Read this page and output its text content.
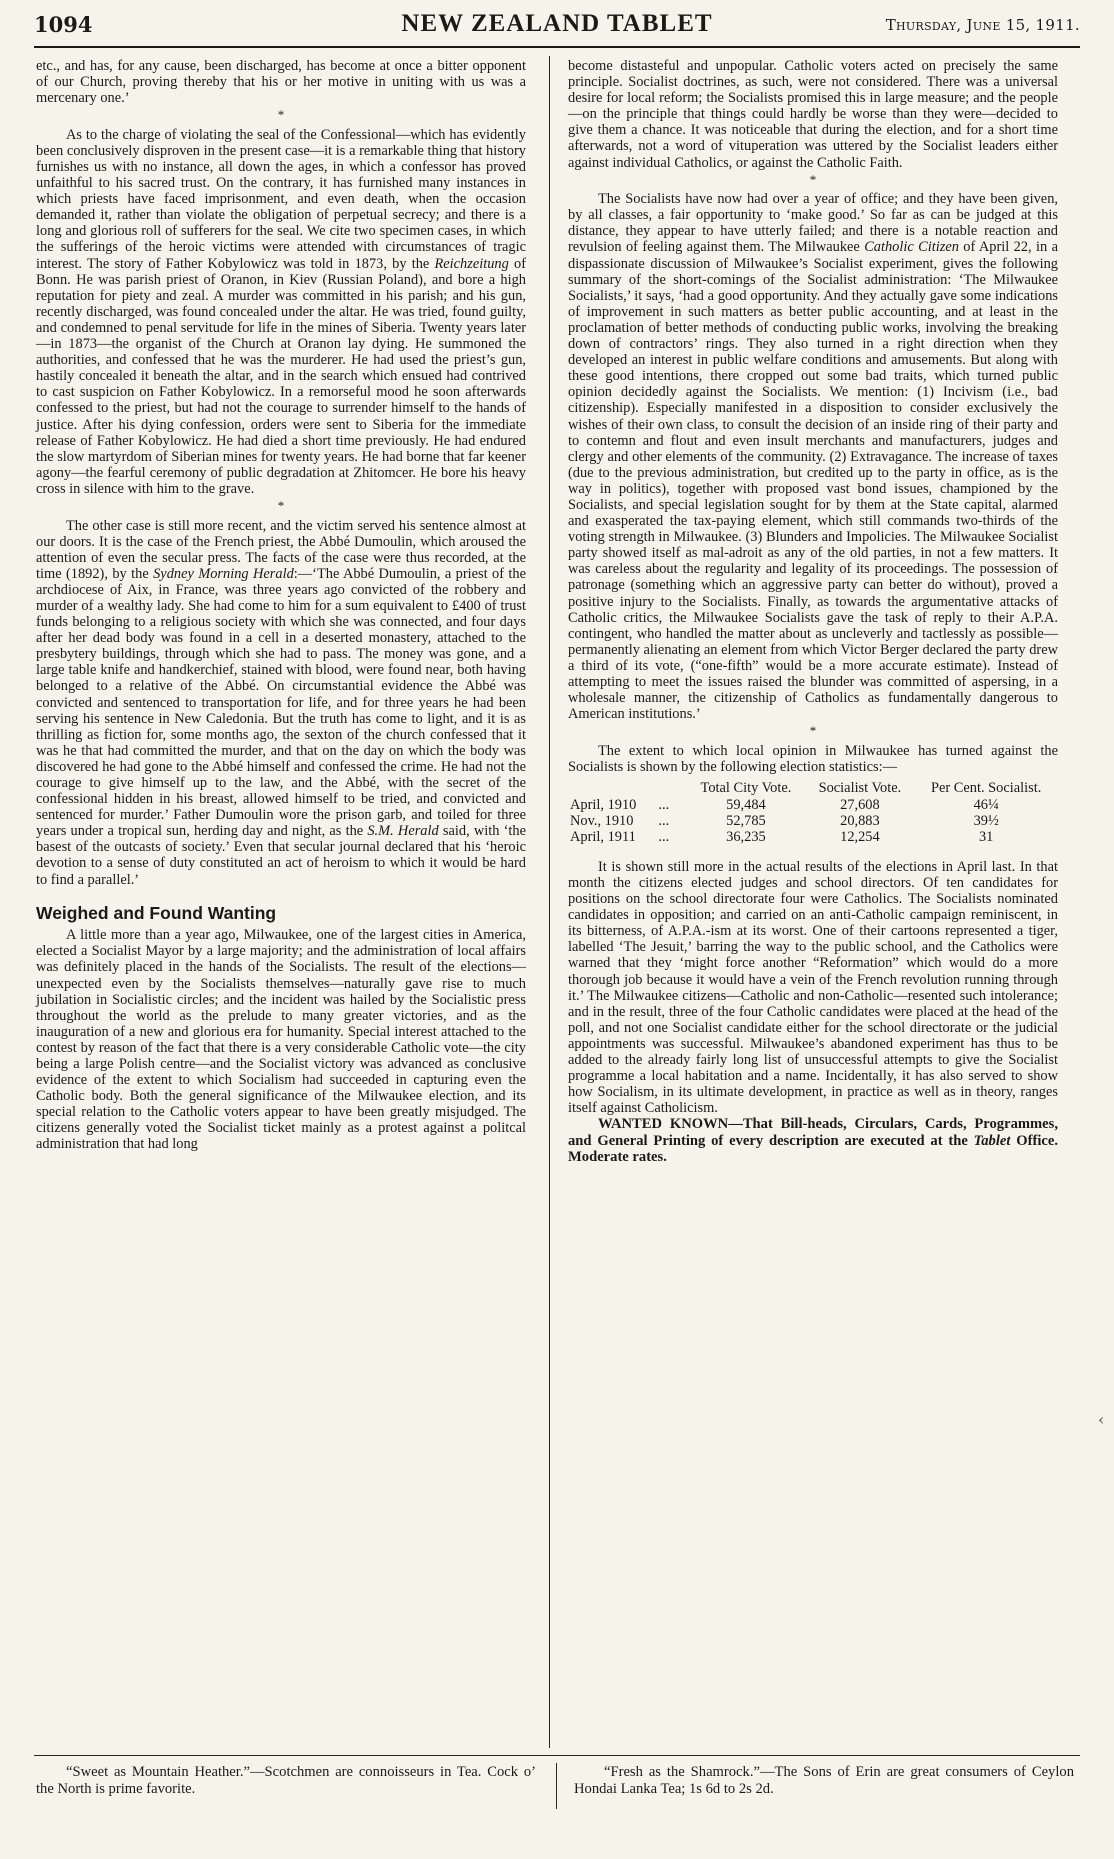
1094	NEW ZEALAND TABLET	Thursday, June 15, 1911.

etc., and has, for any cause, been discharged, has become at once a bitter opponent of our Church, proving thereby that his or her motive in uniting with us was a mercenary one.’

*

As to the charge of violating the seal of the Confessional—which has evidently been conclusively disproven in the present case—it is a remarkable thing that history furnishes us with no instance, all down the ages, in which a confessor has proved unfaithful to his sacred trust. On the contrary, it has furnished many instances in which priests have faced imprisonment, and even death, when the occasion demanded it, rather than violate the obligation of perpetual secrecy; and there is a long and glorious roll of sufferers for the seal. We cite two specimen cases, in which the sufferings of the heroic victims were attended with circumstances of tragic interest. The story of Father Kobylowicz was told in 1873, by the Reichzeitung of Bonn. He was parish priest of Oranon, in Kiev (Russian Poland), and bore a high reputation for piety and zeal. A murder was committed in his parish; and his gun, recently discharged, was found concealed under the altar. He was tried, found guilty, and condemned to penal servitude for life in the mines of Siberia. Twenty years later—in 1873—the organist of the Church at Oranon lay dying. He summoned the authorities, and confessed that he was the murderer. He had used the priest’s gun, hastily concealed it beneath the altar, and in the search which ensued had contrived to cast suspicion on Father Kobylowicz. In a remorseful mood he soon afterwards confessed to the priest, but had not the courage to surrender himself to the hands of justice. After his dying confession, orders were sent to Siberia for the immediate release of Father Kobylowicz. He had died a short time previously. He had endured the slow martyrdom of Siberian mines for twenty years. He had borne that far keener agony—the fearful ceremony of public degradation at Zhitomcer. He bore his heavy cross in silence with him to the grave.

*

The other case is still more recent, and the victim served his sentence almost at our doors. It is the case of the French priest, the Abbé Dumoulin, which aroused the attention of even the secular press. The facts of the case were thus recorded, at the time (1892), by the Sydney Morning Herald:—‘The Abbé Dumoulin, a priest of the archdiocese of Aix, in France, was three years ago convicted of the robbery and murder of a wealthy lady. She had come to him for a sum equivalent to £400 of trust funds belonging to a religious society with which she was connected, and four days after her dead body was found in a cell in a deserted monastery, attached to the presbytery buildings, through which she had to pass. The money was gone, and a large table knife and handkerchief, stained with blood, were found near, both having belonged to a relative of the Abbé. On circumstantial evidence the Abbé was convicted and sentenced to transportation for life, and for three years he had been serving his sentence in New Caledonia. But the truth has come to light, and it is as thrilling as fiction for, some months ago, the sexton of the church confessed that it was he that had committed the murder, and that on the day on which the body was discovered he had gone to the Abbé himself and confessed the crime. He had not the courage to give himself up to the law, and the Abbé, with the secret of the confessional hidden in his breast, allowed himself to be tried, and convicted and sentenced for murder.’ Father Dumoulin wore the prison garb, and toiled for three years under a tropical sun, herding day and night, as the S.M. Herald said, with ‘the basest of the outcasts of society.’ Even that secular journal declared that his ‘heroic devotion to a sense of duty constituted an act of heroism to which it would be hard to find a parallel.’

Weighed and Found Wanting

A little more than a year ago, Milwaukee, one of the largest cities in America, elected a Socialist Mayor by a large majority; and the administration of local affairs was definitely placed in the hands of the Socialists. The result of the elections—unexpected even by the Socialists themselves—naturally gave rise to much jubilation in Socialistic circles; and the incident was hailed by the Socialistic press throughout the world as the prelude to many greater victories, and as the inauguration of a new and glorious era for humanity. Special interest attached to the contest by reason of the fact that there is a very considerable Catholic vote—the city being a large Polish centre—and the Socialist victory was advanced as conclusive evidence of the extent to which Socialism had succeeded in capturing even the Catholic body. Both the general significance of the Milwaukee election, and its special relation to the Catholic voters appear to have been greatly misjudged. The citizens generally voted the Socialist ticket mainly as a protest against a politcal administration that had long

become distasteful and unpopular. Catholic voters acted on precisely the same principle. Socialist doctrines, as such, were not considered. There was a universal desire for local reform; the Socialists promised this in large measure; and the people—on the principle that things could hardly be worse than they were—decided to give them a chance. It was noticeable that during the election, and for a short time afterwards, not a word of vituperation was uttered by the Socialist leaders either against individual Catholics, or against the Catholic Faith.

*

The Socialists have now had over a year of office; and they have been given, by all classes, a fair opportunity to ‘make good.’ So far as can be judged at this distance, they appear to have utterly failed; and there is a notable reaction and revulsion of feeling against them. The Milwaukee Catholic Citizen of April 22, in a dispassionate discussion of Milwaukee’s Socialist experiment, gives the following summary of the short-comings of the Socialist administration: ‘The Milwaukee Socialists,’ it says, ‘had a good opportunity. And they actually gave some indications of improvement in such matters as better public accounting, and at least in the proclamation of better methods of conducting public works, involving the breaking down of contractors’ rings. They also turned in a right direction when they developed an interest in public welfare conditions and amusements. But along with these good intentions, there cropped out some bad traits, which turned public opinion decidedly against the Socialists. We mention: (1) Incivism (i.e., bad citizenship). Especially manifested in a disposition to consider exclusively the wishes of their own class, to consult the decision of an inside ring of their party and to contemn and flout and even insult merchants and manufacturers, judges and clergy and other elements of the community. (2) Extravagance. The increase of taxes (due to the previous administration, but credited up to the party in office, as is the way in politics), together with proposed vast bond issues, championed by the Socialists, and special legislation sought for by them at the State capital, alarmed and exasperated the tax-paying element, which still commands two-thirds of the voting strength in Milwaukee. (3) Blunders and Impolicies. The Milwaukee Socialist party showed itself as mal-adroit as any of the old parties, in not a few matters. It was careless about the regularity and legality of its proceedings. The possession of patronage (something which an aggressive party can better do without), proved a positive injury to the Socialists. Finally, as towards the argumentative attacks of Catholic critics, the Milwaukee Socialists gave the task of reply to their A.P.A. contingent, who handled the matter about as uncleverly and tactlessly as possible—permanently alienating an element from which Victor Berger declared the party drew a third of its vote, (“one-fifth” would be a more accurate estimate). Instead of attempting to meet the issues raised the blunder was committed of aspersing, in a wholesale manner, the citizenship of Catholics as fundamentally dangerous to American institutions.’

*

The extent to which local opinion in Milwaukee has turned against the Socialists is shown by the following election statistics:—

		Total City Vote.	Socialist Vote.	Per Cent. Socialist.
April, 1910	...	59,484	27,608	46¼
Nov., 1910	...	52,785	20,883	39½
April, 1911	...	36,235	12,254	31

It is shown still more in the actual results of the elections in April last. In that month the citizens elected judges and school directors. Of ten candidates for positions on the school directorate four were Catholics. The Socialists nominated candidates in opposition; and carried on an anti-Catholic campaign reminiscent, in its bitterness, of A.P.A.-ism at its worst. One of their cartoons represented a tiger, labelled ‘The Jesuit,’ barring the way to the public school, and the Catholics were warned that they ‘might force another “Reformation” which would do a more thorough job because it would have a vein of the French revolution running through it.’ The Milwaukee citizens—Catholic and non-Catholic—resented such intolerance; and in the result, three of the four Catholic candidates were placed at the head of the poll, and not one Socialist candidate either for the school directorate or the judicial appointments was successful. Milwaukee’s abandoned experiment has thus to be added to the already fairly long list of unsuccessful attempts to give the Socialist programme a local habitation and a name. Incidentally, it has also served to show how Socialism, in its ultimate development, in practice as well as in theory, ranges itself against Catholicism.

WANTED KNOWN—That Bill-heads, Circulars, Cards, Programmes, and General Printing of every description are executed at the Tablet Office. Moderate rates.

‹

“Sweet as Mountain Heather.”—Scotchmen are connoisseurs in Tea. Cock o’ the North is prime favorite.

“Fresh as the Shamrock.”—The Sons of Erin are great consumers of Ceylon Hondai Lanka Tea; 1s 6d to 2s 2d.
